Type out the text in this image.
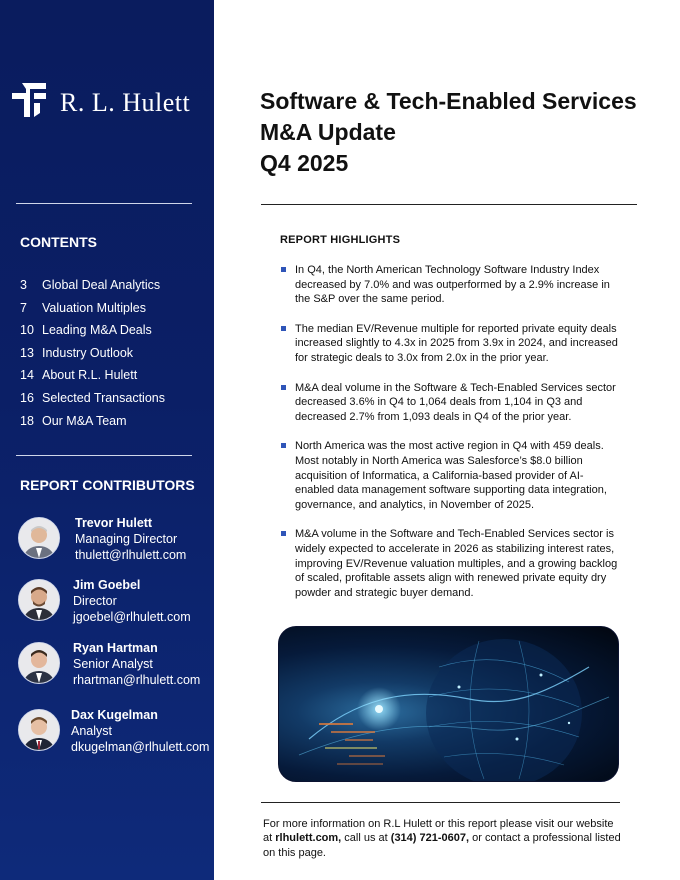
R. L. Hulett
CONTENTS
3 Global Deal Analytics
7 Valuation Multiples
10 Leading M&A Deals
13 Industry Outlook
14 About R.L. Hulett
16 Selected Transactions
18 Our M&A Team
REPORT CONTRIBUTORS
Trevor Hulett
Managing Director
thulett@rlhulett.com
Jim Goebel
Director
jgoebel@rlhulett.com
Ryan Hartman
Senior Analyst
rhartman@rlhulett.com
Dax Kugelman
Analyst
dkugelman@rlhulett.com
Software & Tech-Enabled Services
M&A Update
Q4 2025
REPORT HIGHLIGHTS
In Q4, the North American Technology Software Industry Index decreased by 7.0% and was outperformed by a 2.9% increase in the S&P over the same period.
The median EV/Revenue multiple for reported private equity deals increased slightly to 4.3x in 2025 from 3.9x in 2024, and increased for strategic deals to 3.0x from 2.0x in the prior year.
M&A deal volume in the Software & Tech-Enabled Services sector decreased 3.6% in Q4 to 1,064 deals from 1,104 in Q3 and decreased 2.7% from 1,093 deals in Q4 of the prior year.
North America was the most active region in Q4 with 459 deals. Most notably in North America was Salesforce’s $8.0 billion acquisition of Informatica, a California-based provider of AI-enabled data management software supporting data integration, governance, and analytics, in November of 2025.
M&A volume in the Software and Tech-Enabled Services sector is widely expected to accelerate in 2026 as stabilizing interest rates, improving EV/Revenue valuation multiples, and a growing backlog of scaled, profitable assets align with renewed private equity dry powder and strategic buyer demand.
For more information on R.L Hulett or this report please visit our website at rlhulett.com, call us at (314) 721-0607, or contact a professional listed on this page.
